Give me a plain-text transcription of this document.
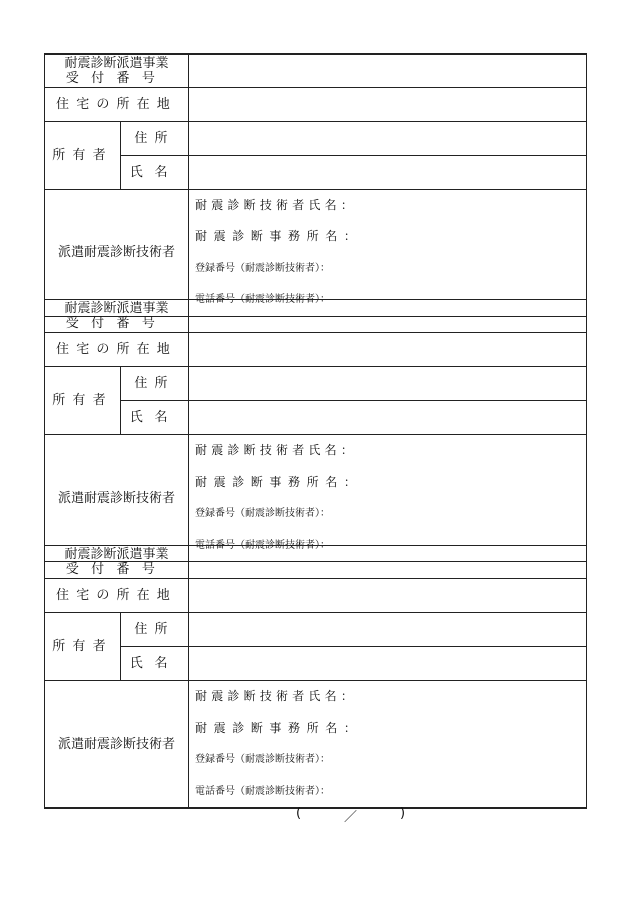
耐震診断派遣事業
受付番号		

住宅の所在地		
所有者	住所	
	氏名	
派遣耐震診断技術者		耐震診断技術者氏名：
耐震診断事務所名：
登録番号（耐震診断技術者）：
電話番号（耐震診断技術者）：
耐震診断派遣事業
受付番号		

住宅の所在地		
所有者	住所	
	氏名	
派遣耐震診断技術者		耐震診断技術者氏名：
耐震診断事務所名：
登録番号（耐震診断技術者）：
電話番号（耐震診断技術者）：
耐震診断派遣事業
受付番号		

住宅の所在地		
所有者	住所	
	氏名	
派遣耐震診断技術者		耐震診断技術者氏名：
耐震診断事務所名：
登録番号（耐震診断技術者）：
電話番号（耐震診断技術者）：
(	／	)
